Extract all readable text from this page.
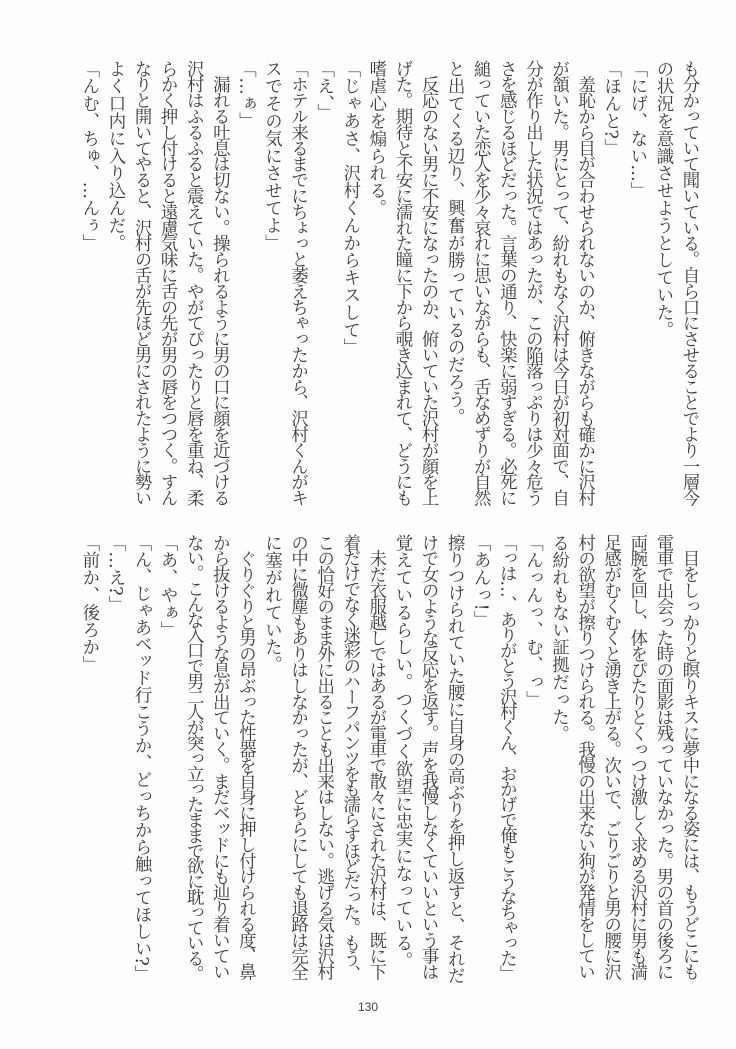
も分かっていて聞いている。自ら口にさせることでより一層今

の状況を意識させようとしていた。

「にげ、ない…」

「ほんと?」

　羞恥から目が合わせられないのか、俯きながらも確かに沢村

が頷いた。男にとって、紛れもなく沢村は今日が初対面で、自

分が作り出した状況ではあったが、この陥落っぷりは少々危う

さを感じるほどだった。言葉の通り、快楽に弱すぎる。必死に

縋っていた恋人を少々哀れに思いながらも、舌なめずりが自然

と出てくる辺り、興奮が勝っているのだろう。

　反応のない男に不安になったのか、俯いていた沢村が顔を上

げた。期待と不安に濡れた瞳に下から覗き込まれて、どうにも

嗜虐心を煽られる。

「じゃあさ、沢村くんからキスして」

「え、」

「ホテル来るまでにちょっと萎えちゃったから、沢村くんがキ

スでその気にさせてよ」

「…ぁ」

　漏れる吐息は切ない。操られるように男の口に顔を近づける

沢村はふるふると震えていた。やがてぴったりと唇を重ね、柔

らかく押し付けると遠慮気味に舌の先が男の唇をつつく。すん

なりと開いてやると、沢村の舌が先ほど男にされたように勢い

よく口内に入り込んだ。

「んむ、ちゅ、…んぅ」

　目をしっかりと瞑りキスに夢中になる姿には、もうどこにも

電車で出会った時の面影は残っていなかった。男の首の後ろに

両腕を回し、体をぴたりとくっつけ激しく求める沢村に男も満

足感がむくむくと湧き上がる。次いで、ごりごりと男の腰に沢

村の欲望が擦りつけられる。我慢の出来ない狗が発情をしてい

る紛れもない証拠だった。

「んっんっ、む、っ」

「っは…、ありがとう沢村くん、おかげで俺もこうなちゃった」

「あんっ!」

擦りつけられていた腰に自身の高ぶりを押し返すと、それだ

けで女のような反応を返す。声を我慢しなくていいという事は

覚えているらしい。つくづく欲望に忠実になっている。

　未だ衣服越しではあるが電車で散々にされた沢村は、既に下

着だけでなく迷彩のハーフパンツをも濡らすほどだった。もう、

この恰好のまま外に出ることも出来はしない。逃げる気は沢村

の中に微塵もありはしなかったが、どちらにしても退路は完全

に塞がれていた。

　ぐりぐりと男の昂ぶった性器を自身に押し付けられる度、鼻

から抜けるような息が出ていく。まだベッドにも辿り着いてい

ない。こんな入口で男二人が突っ立ったままで欲に耽っている。

「あ、やぁ」

「ん、じゃあベッド行こうか、どっちから触ってほしい?」

「…え?」

「前か、後ろか」

130
